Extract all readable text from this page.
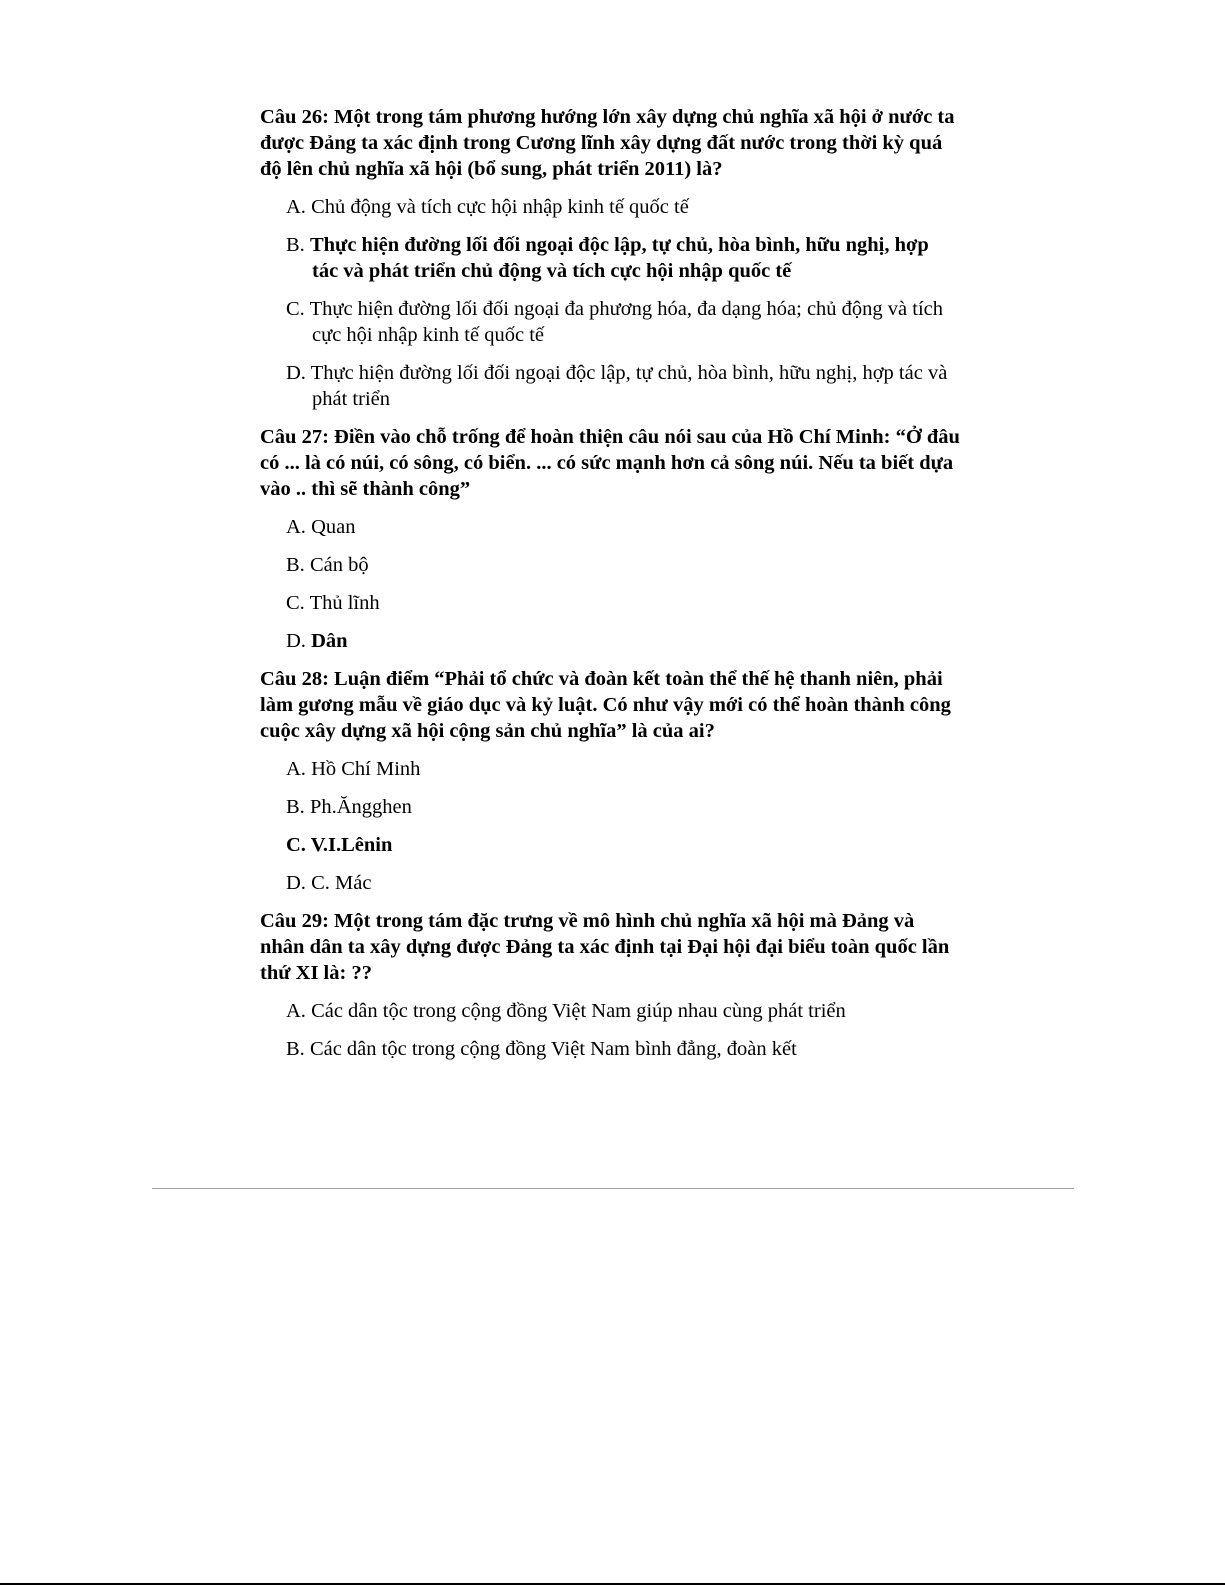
Câu 26: Một trong tám phương hướng lớn xây dựng chủ nghĩa xã hội ở nước ta được Đảng ta xác định trong Cương lĩnh xây dựng đất nước trong thời kỳ quá độ lên chủ nghĩa xã hội (bổ sung, phát triển 2011) là?

A. Chủ động và tích cực hội nhập kinh tế quốc tế
B. Thực hiện đường lối đối ngoại độc lập, tự chủ, hòa bình, hữu nghị, hợp tác và phát triển chủ động và tích cực hội nhập quốc tế
C. Thực hiện đường lối đối ngoại đa phương hóa, đa dạng hóa; chủ động và tích cực hội nhập kinh tế quốc tế
D. Thực hiện đường lối đối ngoại độc lập, tự chủ, hòa bình, hữu nghị, hợp tác và phát triển

Câu 27: Điền vào chỗ trống để hoàn thiện câu nói sau của Hồ Chí Minh: “Ở đâu có ... là có núi, có sông, có biển. ... có sức mạnh hơn cả sông núi. Nếu ta biết dựa vào .. thì sẽ thành công”

A. Quan
B. Cán bộ
C. Thủ lĩnh
D. Dân

Câu 28: Luận điểm “Phải tổ chức và đoàn kết toàn thể thế hệ thanh niên, phải làm gương mẫu về giáo dục và kỷ luật. Có như vậy mới có thể hoàn thành công cuộc xây dựng xã hội cộng sản chủ nghĩa” là của ai?

A. Hồ Chí Minh
B. Ph.Ăngghen
C. V.I.Lênin
D. C. Mác

Câu 29: Một trong tám đặc trưng về mô hình chủ nghĩa xã hội mà Đảng và nhân dân ta xây dựng được Đảng ta xác định tại Đại hội đại biểu toàn quốc lần thứ XI là: ??

A. Các dân tộc trong cộng đồng Việt Nam giúp nhau cùng phát triển
B. Các dân tộc trong cộng đồng Việt Nam bình đẳng, đoàn kết
